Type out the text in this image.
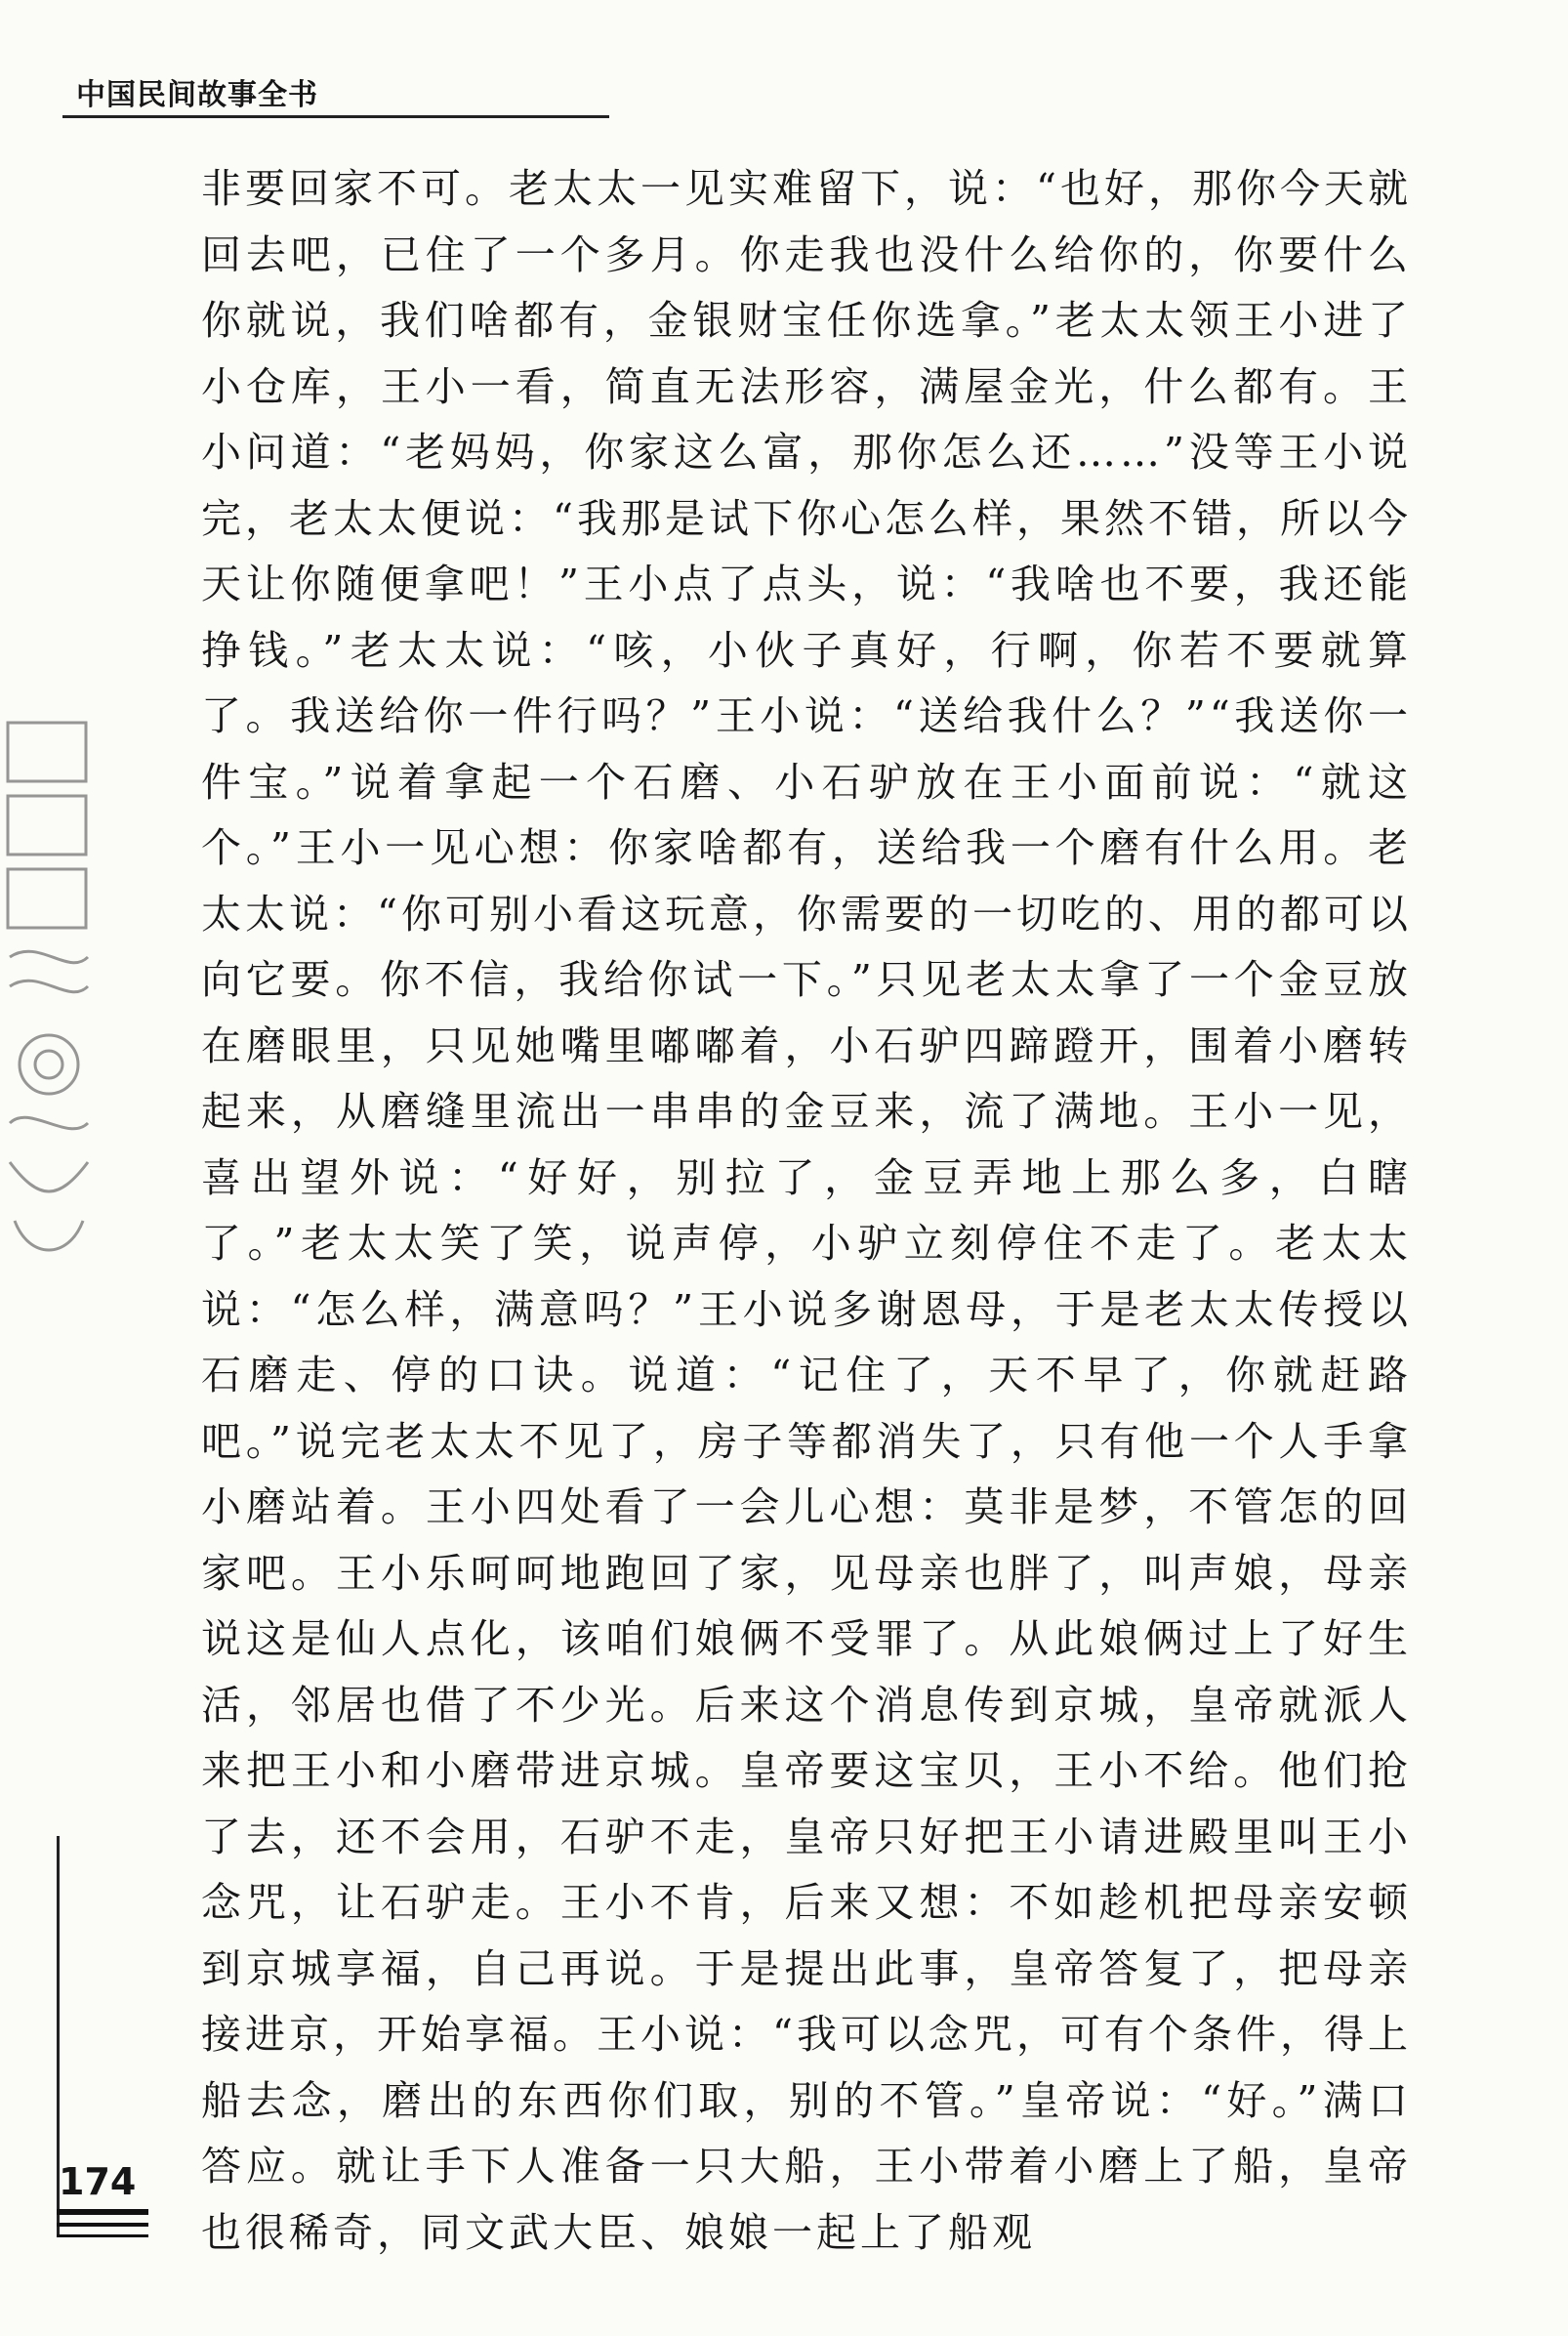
中国民间故事全书

非要回家不可。老太太一见实难留下，说：“也好，那你今天就回去吧，已住了一个多月。你走我也没什么给你的，你要什么你就说，我们啥都有，金银财宝任你选拿。”老太太领王小进了小仓库，王小一看，简直无法形容，满屋金光，什么都有。王小问道：“老妈妈，你家这么富，那你怎么还……”没等王小说完，老太太便说：“我那是试下你心怎么样，果然不错，所以今天让你随便拿吧！”王小点了点头，说：“我啥也不要，我还能挣钱。”老太太说：“咳，小伙子真好，行啊，你若不要就算了。我送给你一件行吗？”王小说：“送给我什么？”“我送你一件宝。”说着拿起一个石磨、小石驴放在王小面前说：“就这个。”王小一见心想：你家啥都有，送给我一个磨有什么用。老太太说：“你可别小看这玩意，你需要的一切吃的、用的都可以向它要。你不信，我给你试一下。”只见老太太拿了一个金豆放在磨眼里，只见她嘴里嘟嘟着，小石驴四蹄蹬开，围着小磨转起来，从磨缝里流出一串串的金豆来，流了满地。王小一见，喜出望外说：“好好，别拉了，金豆弄地上那么多，白瞎了。”老太太笑了笑，说声停，小驴立刻停住不走了。老太太说：“怎么样，满意吗？”王小说多谢恩母，于是老太太传授以石磨走、停的口诀。说道：“记住了，天不早了，你就赶路吧。”说完老太太不见了，房子等都消失了，只有他一个人手拿小磨站着。王小四处看了一会儿心想：莫非是梦，不管怎的回家吧。王小乐呵呵地跑回了家，见母亲也胖了，叫声娘，母亲说这是仙人点化，该咱们娘俩不受罪了。从此娘俩过上了好生活，邻居也借了不少光。后来这个消息传到京城，皇帝就派人来把王小和小磨带进京城。皇帝要这宝贝，王小不给。他们抢了去，还不会用，石驴不走，皇帝只好把王小请进殿里叫王小念咒，让石驴走。王小不肯，后来又想：不如趁机把母亲安顿到京城享福，自己再说。于是提出此事，皇帝答复了，把母亲接进京，开始享福。王小说：“我可以念咒，可有个条件，得上船去念，磨出的东西你们取，别的不管。”皇帝说：“好。”满口答应。就让手下人准备一只大船，王小带着小磨上了船，皇帝也很稀奇，同文武大臣、娘娘一起上了船观

174
